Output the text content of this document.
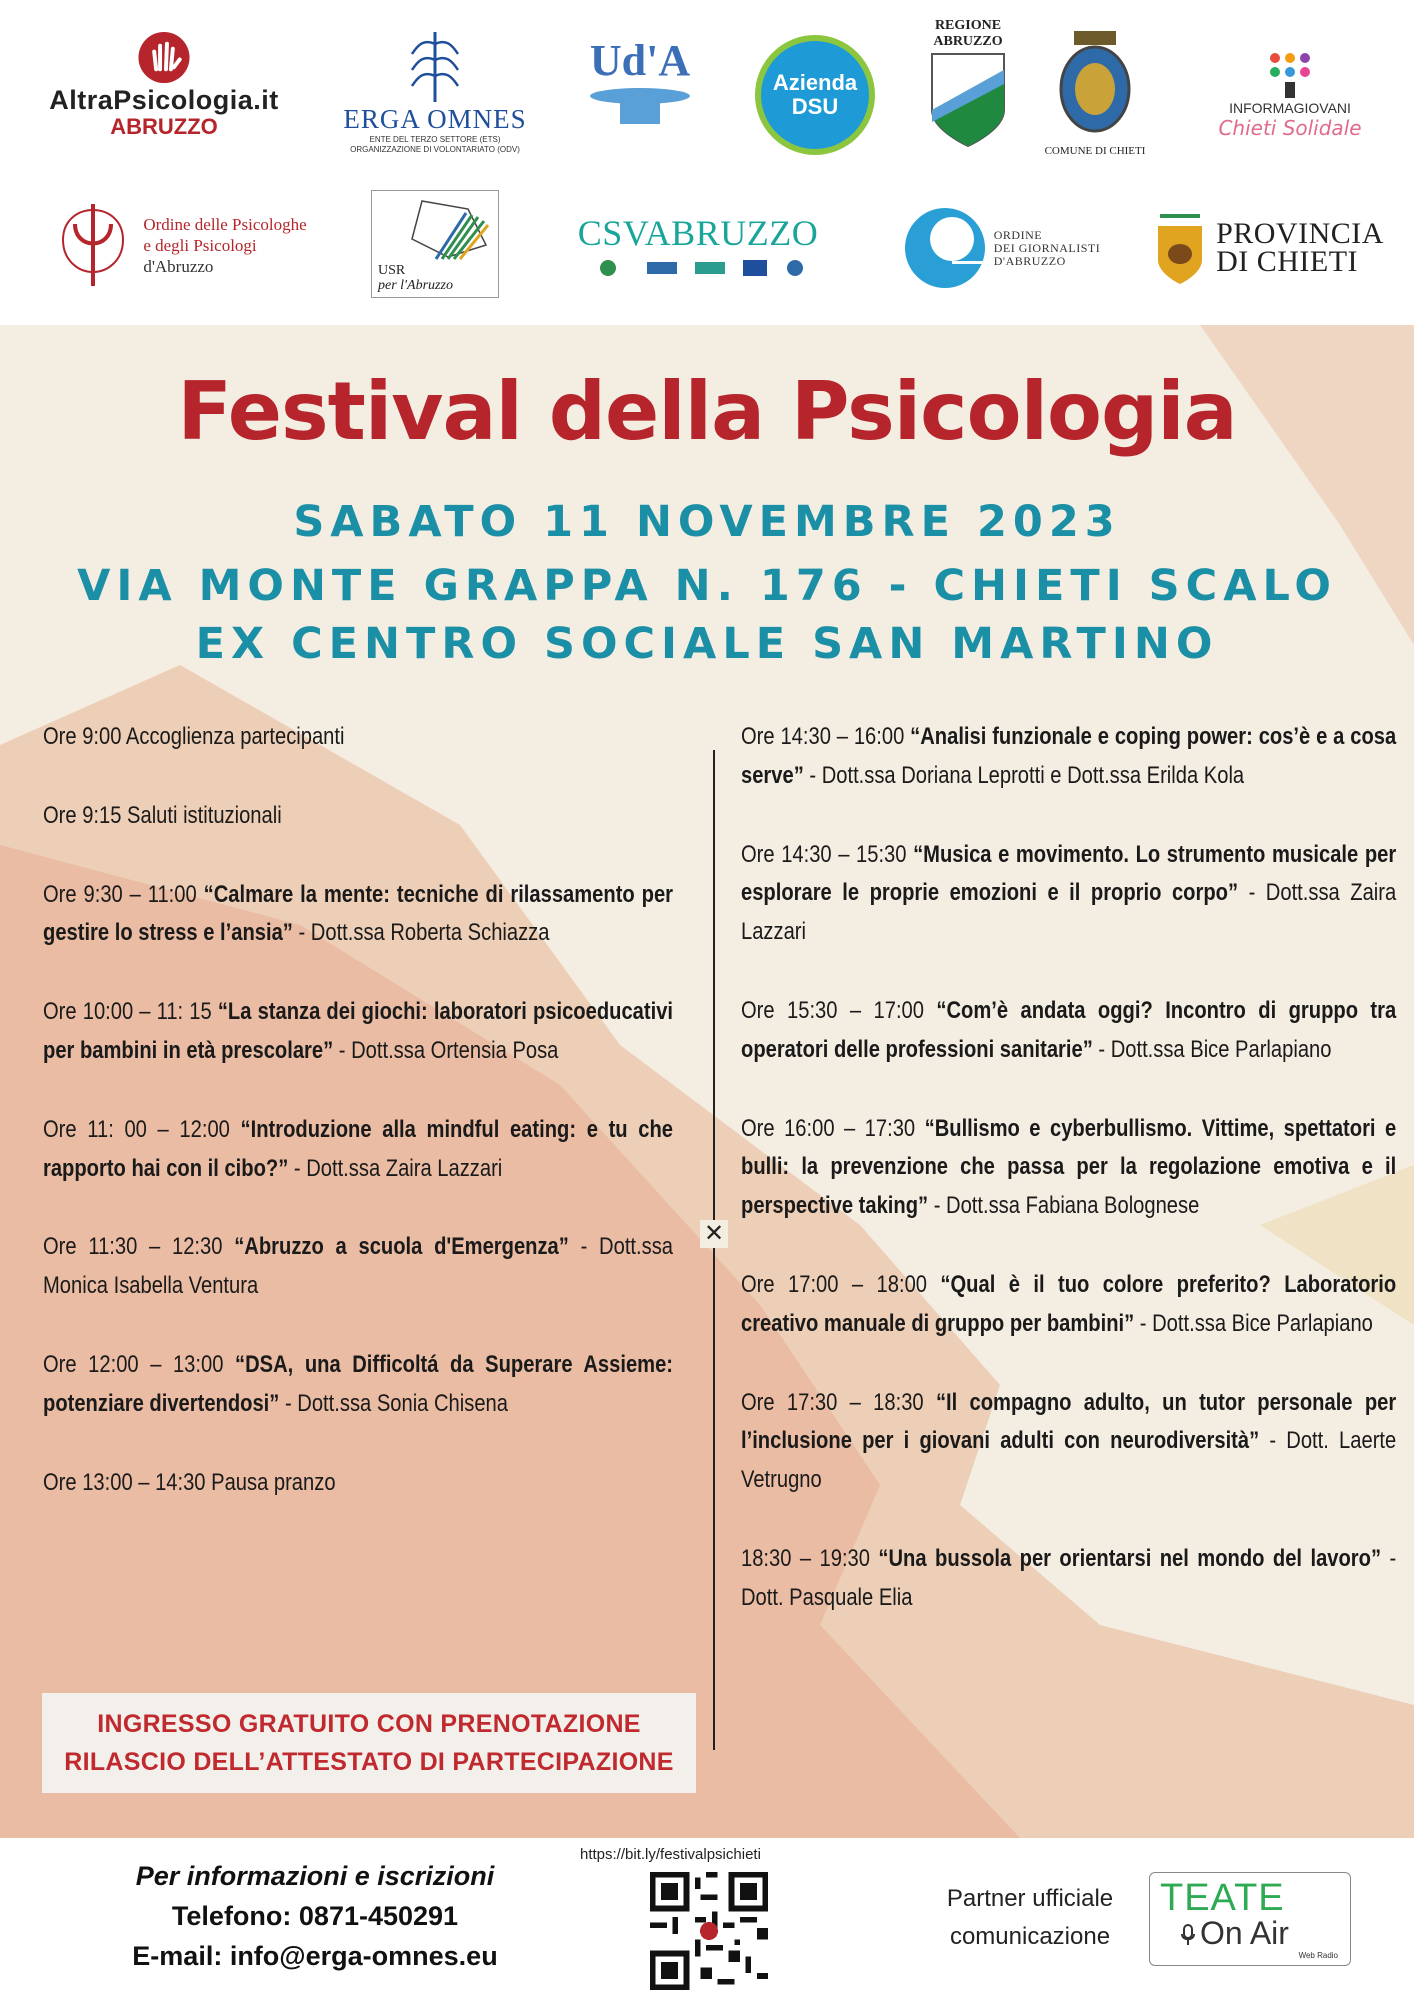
AltraPsicologia.it
ABRUZZO	ERGA OMNES
ENTE DEL TERZO SETTORE (ETS)
ORGANIZZAZIONE DI VOLONTARIATO (ODV)
Ud'A	Azienda
DSU
REGIONE
ABRUZZO
COMUNE DI CHIETI
INFORMAGIOVANI
Chieti Solidale
Ordine delle Psicologhe
e degli Psicologi
d'Abruzzo	USR
per l'Abruzzo
CSVABRUZZO	ORDINE
DEI GIORNALISTI
D'ABRUZZO
PROVINCIA
DI CHIETI
Festival della Psicologia
SABATO 11 NOVEMBRE 2023
VIA MONTE GRAPPA N. 176 - CHIETI SCALO
EX CENTRO SOCIALE SAN MARTINO
Ore 9:00 Accoglienza partecipanti
Ore 9:15 Saluti istituzionali
Ore 9:30 – 11:00 “Calmare la mente: tecniche di rilassamento per gestire lo stress e l’ansia” - Dott.ssa Roberta Schiazza
Ore 10:00 – 11: 15 “La stanza dei giochi: laboratori psicoeducativi per bambini in età prescolare” - Dott.ssa Ortensia Posa
Ore 11: 00 – 12:00 “Introduzione alla mindful eating: e tu che rapporto hai con il cibo?” - Dott.ssa Zaira Lazzari
Ore 11:30 – 12:30 “Abruzzo a scuola d'Emergenza” - Dott.ssa Monica Isabella Ventura
Ore 12:00 – 13:00 “DSA, una Difficoltá da Superare Assieme: potenziare divertendosi” - Dott.ssa Sonia Chisena
Ore 13:00 – 14:30 Pausa pranzo
✕
Ore 14:30 – 16:00 “Analisi funzionale e coping power: cos’è e a cosa serve” - Dott.ssa Doriana Leprotti e Dott.ssa Erilda Kola
Ore 14:30 – 15:30 “Musica e movimento. Lo strumento musicale per esplorare le proprie emozioni e il proprio corpo” - Dott.ssa Zaira Lazzari
Ore 15:30 – 17:00 “Com’è andata oggi? Incontro di gruppo tra operatori delle professioni sanitarie” - Dott.ssa Bice Parlapiano
Ore 16:00 – 17:30 “Bullismo e cyberbullismo. Vittime, spettatori e bulli: la prevenzione che passa per la regolazione emotiva e il perspective taking” - Dott.ssa Fabiana Bolognese
Ore 17:00 – 18:00 “Qual è il tuo colore preferito? Laboratorio creativo manuale di gruppo per bambini” - Dott.ssa Bice Parlapiano
Ore 17:30 – 18:30 “Il compagno adulto, un tutor personale per l’inclusione per i giovani adulti con neurodiversità” - Dott. Laerte Vetrugno
18:30 – 19:30 “Una bussola per orientarsi nel mondo del lavoro” - Dott. Pasquale Elia
INGRESSO GRATUITO CON PRENOTAZIONE
RILASCIO DELL’ATTESTATO DI PARTECIPAZIONE
Per informazioni e iscrizioni
Telefono: 0871-450291
E-mail: info@erga-omnes.eu
https://bit.ly/festivalpsichieti
Partner ufficiale
comunicazione
TEATE
On Air
Web Radio
